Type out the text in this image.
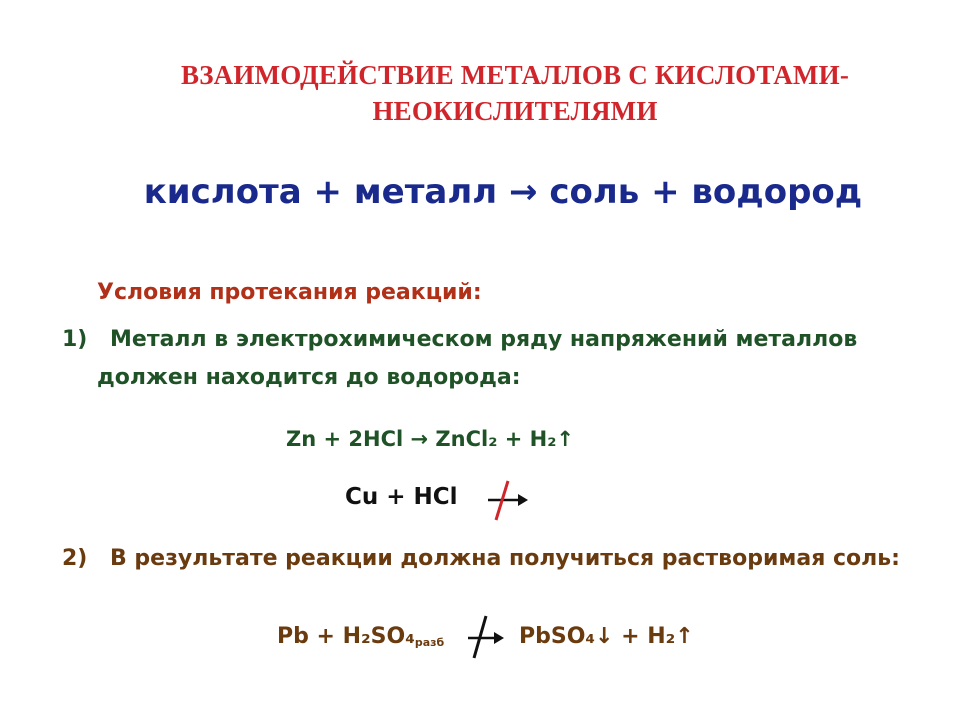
ВЗАИМОДЕЙСТВИЕ МЕТАЛЛОВ С КИСЛОТАМИ-
НЕОКИСЛИТЕЛЯМИ
кислота + металл → соль + водород
Условия протекания реакций:
1) Металл в электрохимическом ряду напряжений металлов
должен находится до водорода:
Zn + 2HCl → ZnCl₂ + H₂↑
Cu + HCl
2) В результате реакции должна получиться растворимая соль:
$Pb + H_2SO_4_{разб}$	PbSO₄↓ + H₂↑
